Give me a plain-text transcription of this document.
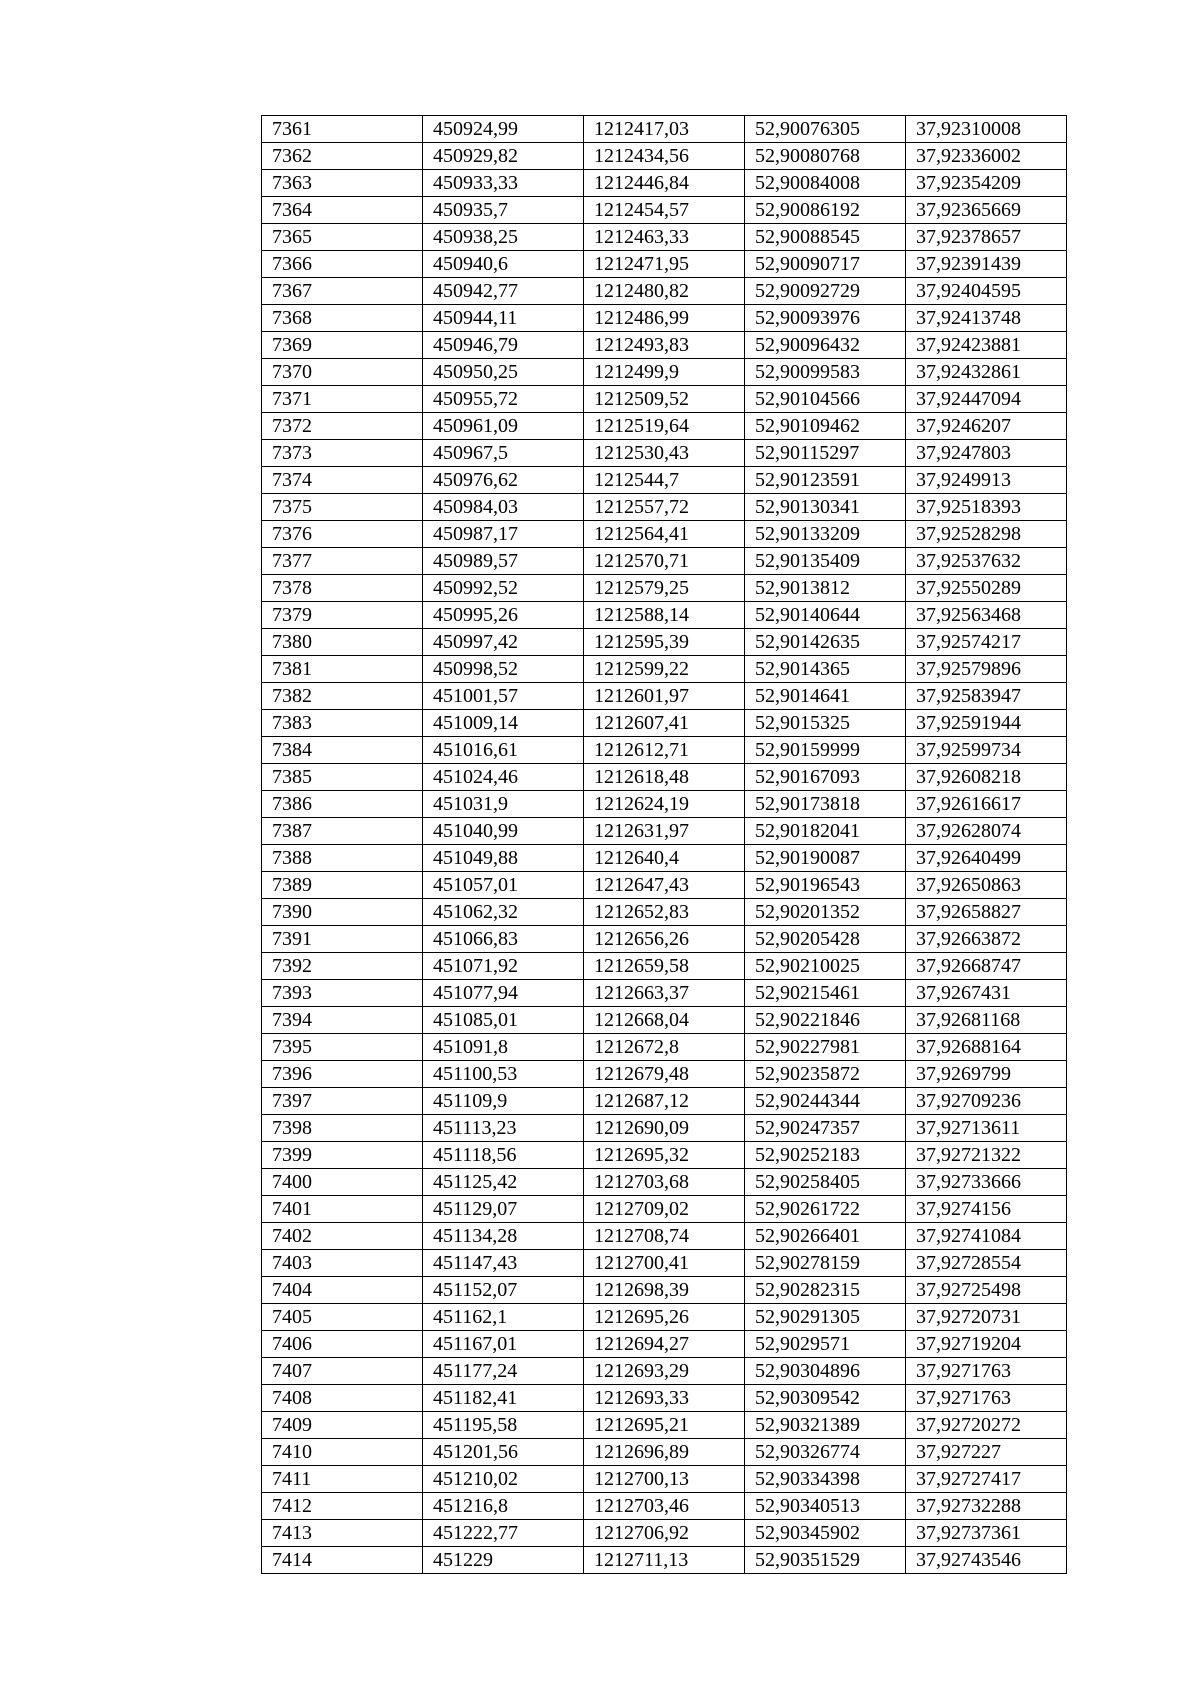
7361	450924,99	1212417,03	52,90076305	37,92310008
7362	450929,82	1212434,56	52,90080768	37,92336002
7363	450933,33	1212446,84	52,90084008	37,92354209
7364	450935,7	1212454,57	52,90086192	37,92365669
7365	450938,25	1212463,33	52,90088545	37,92378657
7366	450940,6	1212471,95	52,90090717	37,92391439
7367	450942,77	1212480,82	52,90092729	37,92404595
7368	450944,11	1212486,99	52,90093976	37,92413748
7369	450946,79	1212493,83	52,90096432	37,92423881
7370	450950,25	1212499,9	52,90099583	37,92432861
7371	450955,72	1212509,52	52,90104566	37,92447094
7372	450961,09	1212519,64	52,90109462	37,9246207
7373	450967,5	1212530,43	52,90115297	37,9247803
7374	450976,62	1212544,7	52,90123591	37,9249913
7375	450984,03	1212557,72	52,90130341	37,92518393
7376	450987,17	1212564,41	52,90133209	37,92528298
7377	450989,57	1212570,71	52,90135409	37,92537632
7378	450992,52	1212579,25	52,9013812	37,92550289
7379	450995,26	1212588,14	52,90140644	37,92563468
7380	450997,42	1212595,39	52,90142635	37,92574217
7381	450998,52	1212599,22	52,9014365	37,92579896
7382	451001,57	1212601,97	52,9014641	37,92583947
7383	451009,14	1212607,41	52,9015325	37,92591944
7384	451016,61	1212612,71	52,90159999	37,92599734
7385	451024,46	1212618,48	52,90167093	37,92608218
7386	451031,9	1212624,19	52,90173818	37,92616617
7387	451040,99	1212631,97	52,90182041	37,92628074
7388	451049,88	1212640,4	52,90190087	37,92640499
7389	451057,01	1212647,43	52,90196543	37,92650863
7390	451062,32	1212652,83	52,90201352	37,92658827
7391	451066,83	1212656,26	52,90205428	37,92663872
7392	451071,92	1212659,58	52,90210025	37,92668747
7393	451077,94	1212663,37	52,90215461	37,9267431
7394	451085,01	1212668,04	52,90221846	37,92681168
7395	451091,8	1212672,8	52,90227981	37,92688164
7396	451100,53	1212679,48	52,90235872	37,9269799
7397	451109,9	1212687,12	52,90244344	37,92709236
7398	451113,23	1212690,09	52,90247357	37,92713611
7399	451118,56	1212695,32	52,90252183	37,92721322
7400	451125,42	1212703,68	52,90258405	37,92733666
7401	451129,07	1212709,02	52,90261722	37,9274156
7402	451134,28	1212708,74	52,90266401	37,92741084
7403	451147,43	1212700,41	52,90278159	37,92728554
7404	451152,07	1212698,39	52,90282315	37,92725498
7405	451162,1	1212695,26	52,90291305	37,92720731
7406	451167,01	1212694,27	52,9029571	37,92719204
7407	451177,24	1212693,29	52,90304896	37,9271763
7408	451182,41	1212693,33	52,90309542	37,9271763
7409	451195,58	1212695,21	52,90321389	37,92720272
7410	451201,56	1212696,89	52,90326774	37,927227
7411	451210,02	1212700,13	52,90334398	37,92727417
7412	451216,8	1212703,46	52,90340513	37,92732288
7413	451222,77	1212706,92	52,90345902	37,92737361
7414	451229	1212711,13	52,90351529	37,92743546
